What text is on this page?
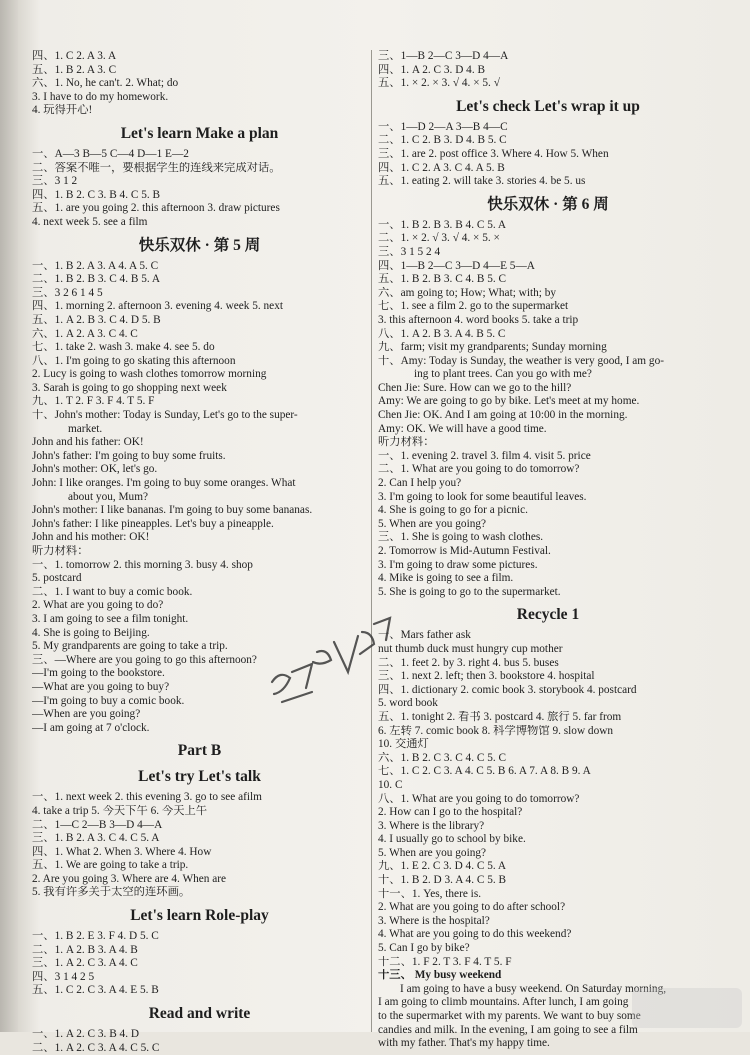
四、1. C 2. A 3. A
五、1. B 2. A 3. C
六、1. No, he can't. 2. What; do
3. I have to do my homework.
4. 玩得开心!
Let's learn Make a plan
一、A—3 B—5 C—4 D—1 E—2
二、答案不唯一，要根据学生的连线来完成对话。
三、3 1 2
四、1. B 2. C 3. B 4. C 5. B
五、1. are you going 2. this afternoon 3. draw pictures
4. next week 5. see a film
快乐双休 · 第 5 周
一、1. B 2. A 3. A 4. A 5. C
二、1. B 2. B 3. C 4. B 5. A
三、3 2 6 1 4 5
四、1. morning 2. afternoon 3. evening 4. week 5. next
五、1. A 2. B 3. C 4. D 5. B
六、1. A 2. A 3. C 4. C
七、1. take 2. wash 3. make 4. see 5. do
八、1. I'm going to go skating this afternoon
2. Lucy is going to wash clothes tomorrow morning
3. Sarah is going to go shopping next week
九、1. T 2. F 3. F 4. T 5. F
十、John's mother: Today is Sunday, Let's go to the super-
market.
John and his father: OK!
John's father: I'm going to buy some fruits.
John's mother: OK, let's go.
John: I like oranges. I'm going to buy some oranges. What
about you, Mum?
John's mother: I like bananas. I'm going to buy some bananas.
John's father: I like pineapples. Let's buy a pineapple.
John and his mother: OK!
听力材料：
一、1. tomorrow 2. this morning 3. busy 4. shop
5. postcard
二、1. I want to buy a comic book.
2. What are you going to do?
3. I am going to see a film tonight.
4. She is going to Beijing.
5. My grandparents are going to take a trip.
三、—Where are you going to go this afternoon?
—I'm going to the bookstore.
—What are you going to buy?
—I'm going to buy a comic book.
—When are you going?
—I am going at 7 o'clock.
Part B
Let's try Let's talk
一、1. next week 2. this evening 3. go to see afilm
4. take a trip 5. 今天下午 6. 今天上午
二、1—C 2—B 3—D 4—A
三、1. B 2. A 3. C 4. C 5. A
四、1. What 2. When 3. Where 4. How
五、1. We are going to take a trip.
2. Are you going 3. Where are 4. When are
5. 我有许多关于太空的连环画。
Let's learn Role-play
一、1. B 2. E 3. F 4. D 5. C
二、1. A 2. B 3. A 4. B
三、1. A 2. C 3. A 4. C
四、3 1 4 2 5
五、1. C 2. C 3. A 4. E 5. B
Read and write
一、1. A 2. C 3. B 4. D
二、1. A 2. C 3. A 4. C 5. C
三、1—B 2—C 3—D 4—A
四、1. A 2. C 3. D 4. B
五、1. × 2. × 3. √ 4. × 5. √
Let's check Let's wrap it up
一、1—D 2—A 3—B 4—C
二、1. C 2. B 3. D 4. B 5. C
三、1. are 2. post office 3. Where 4. How 5. When
四、1. C 2. A 3. C 4. A 5. B
五、1. eating 2. will take 3. stories 4. be 5. us
快乐双休 · 第 6 周
一、1. B 2. B 3. B 4. C 5. A
二、1. × 2. √ 3. √ 4. × 5. ×
三、3 1 5 2 4
四、1—B 2—C 3—D 4—E 5—A
五、1. B 2. B 3. C 4. B 5. C
六、am going to; How; What; with; by
七、1. see a film 2. go to the supermarket
3. this afternoon 4. word books 5. take a trip
八、1. A 2. B 3. A 4. B 5. C
九、farm; visit my grandparents; Sunday morning
十、Amy: Today is Sunday, the weather is very good, I am go-
ing to plant trees. Can you go with me?
Chen Jie: Sure. How can we go to the hill?
Amy: We are going to go by bike. Let's meet at my home.
Chen Jie: OK. And I am going at 10:00 in the morning.
Amy: OK. We will have a good time.
听力材料：
一、1. evening 2. travel 3. film 4. visit 5. price
二、1. What are you going to do tomorrow?
2. Can I help you?
3. I'm going to look for some beautiful leaves.
4. She is going to go for a picnic.
5. When are you going?
三、1. She is going to wash clothes.
2. Tomorrow is Mid-Autumn Festival.
3. I'm going to draw some pictures.
4. Mike is going to see a film.
5. She is going to go to the supermarket.
Recycle 1
一、Mars father ask
nut thumb duck must hungry cup mother
二、1. feet 2. by 3. right 4. bus 5. buses
三、1. next 2. left; then 3. bookstore 4. hospital
四、1. dictionary 2. comic book 3. storybook 4. postcard
5. word book
五、1. tonight 2. 看书 3. postcard 4. 旅行 5. far from
6. 左转 7. comic book 8. 科学博物馆 9. slow down
10. 交通灯
六、1. B 2. C 3. C 4. C 5. C
七、1. C 2. C 3. A 4. C 5. B 6. A 7. A 8. B 9. A
10. C
八、1. What are you going to do tomorrow?
2. How can I go to the hospital?
3. Where is the library?
4. I usually go to school by bike.
5. When are you going?
九、1. E 2. C 3. D 4. C 5. A
十、1. B 2. D 3. A 4. C 5. B
十一、1. Yes, there is.
2. What are you going to do after school?
3. Where is the hospital?
4. What are you going to do this weekend?
5. Can I go by bike?
十二、1. F 2. T 3. F 4. T 5. F
十三、 My busy weekend
I am going to have a busy weekend. On Saturday morning,
I am going to climb mountains. After lunch, I am going
to the supermarket with my parents. We want to buy some
candies and milk. In the evening, I am going to see a film
with my father. That's my happy time.
